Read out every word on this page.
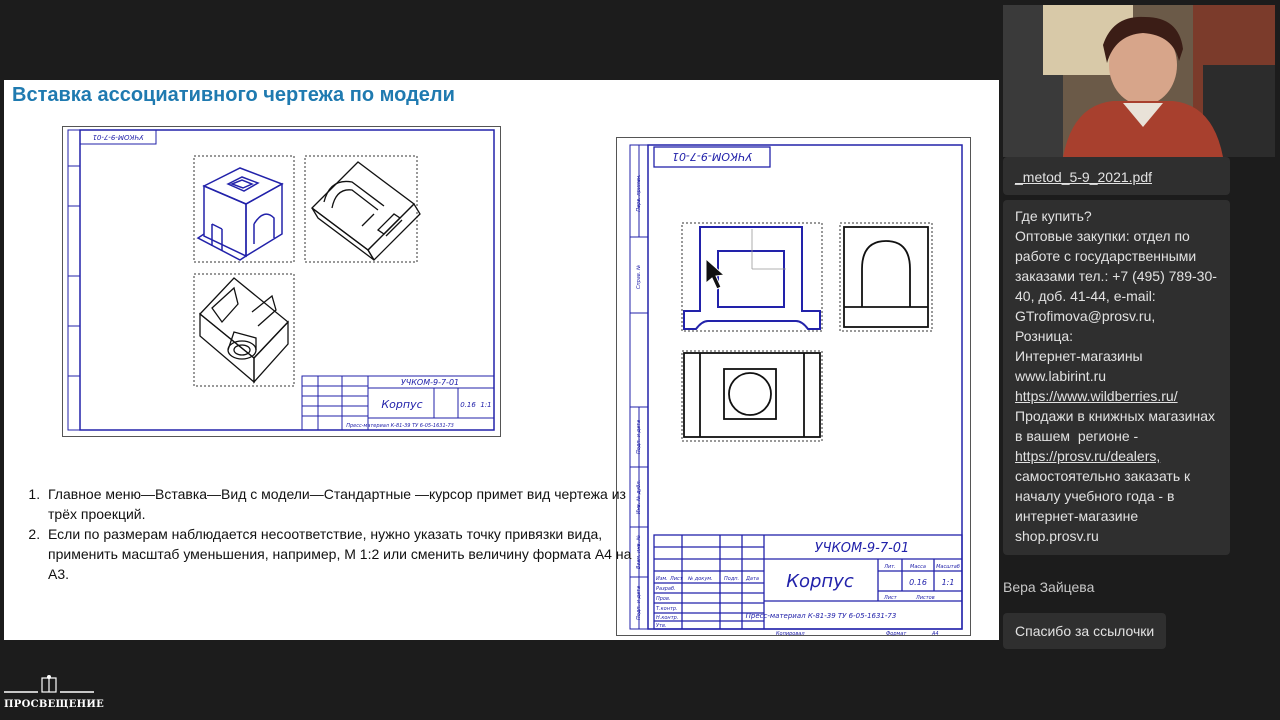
Вставка ассоциативного чертежа по модели
УЧКОМ-9-7-01
УЧКОМ-9-7-01
Корпус	0.16 1:1
Пресс-материал К-81-39 ТУ 6-05-1631-73
Перв. примен.
Справ. №
Подп. и дата
Инв. № дубл.
Взам. инв. №
Подп. и дата
УЧКОМ-9-7-01
Изм. Лист № докум. Подп. Дата
Разраб.
Пров.
Т.контр.
Н.контр.
Утв.
УЧКОМ-9-7-01
Корпус
Лит.	Масса Масштаб
0.16 1:1
Лист	Листов
Пресс-материал К-81-39 ТУ 6-05-1631-73
Копировал	Формат	А4
1. Главное меню—Вставка—Вид с модели—Стандартные —курсор примет вид чертежа из трёх проекций.
2. Если по размерам наблюдается несоответствие, нужно указать точку привязки вида, применить масштаб уменьшения, например, М 1:2 или сменить величину формата А4 на А3.
_metod_5-9_2021.pdf
Где купить?
Оптовые закупки: отдел по работе с государственными заказами тел.: +7 (495) 789-30-40, доб. 41-44, e-mail: GTrofimova@prosv.ru,
Розница:
Интернет-магазины www.labirint.ru
https://www.wildberries.ru/
Продажи в книжных магазинах  в вашем  регионе - https://prosv.ru/dealers, самостоятельно заказать к началу учебного года - в интернет-магазине shop.prosv.ru
Вера Зайцева
Спасибо за ссылочки
ПРОСВЕЩЕНИЕ
